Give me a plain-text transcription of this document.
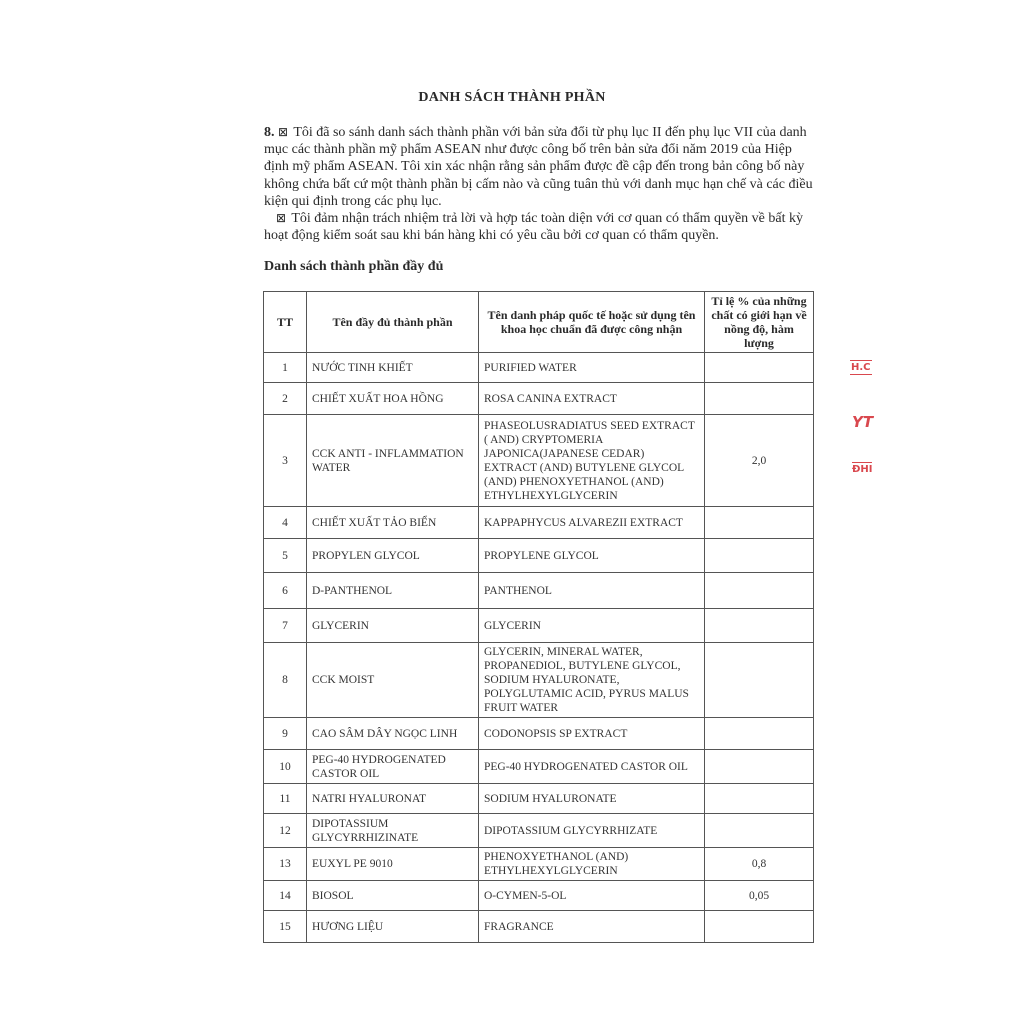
DANH SÁCH THÀNH PHẦN

8. ⊠ Tôi đã so sánh danh sách thành phần với bản sửa đổi từ phụ lục II đến phụ lục VII của danh mục các thành phần mỹ phẩm ASEAN như được công bố trên bản sửa đổi năm 2019 của Hiệp định mỹ phẩm ASEAN. Tôi xin xác nhận rằng sản phẩm được đề cập đến trong bản công bố này không chứa bất cứ một thành phần bị cấm nào và cũng tuân thủ với danh mục hạn chế và các điều kiện qui định trong các phụ lục.

⊠ Tôi đảm nhận trách nhiệm trả lời và hợp tác toàn diện với cơ quan có thẩm quyền về bất kỳ hoạt động kiểm soát sau khi bán hàng khi có yêu cầu bởi cơ quan có thẩm quyền.

Danh sách thành phần đầy đủ
TT	Tên đầy đủ thành phần	Tên danh pháp quốc tế hoặc sử dụng tên khoa học chuẩn đã được công nhận	Tỉ lệ % của những chất có giới hạn về nồng độ, hàm lượng
1	NƯỚC TINH KHIẾT	PURIFIED WATER	
2	CHIẾT XUẤT HOA HỒNG	ROSA CANINA EXTRACT	
3	CCK ANTI - INFLAMMATION WATER	PHASEOLUSRADIATUS SEED EXTRACT ( AND) CRYPTOMERIA JAPONICA(JAPANESE CEDAR) EXTRACT (AND) BUTYLENE GLYCOL (AND) PHENOXYETHANOL (AND) ETHYLHEXYLGLYCERIN	2,0
4	CHIẾT XUẤT TẢO BIỂN	KAPPAPHYCUS ALVAREZII EXTRACT	
5	PROPYLEN GLYCOL	PROPYLENE GLYCOL	
6	D-PANTHENOL	PANTHENOL	
7	GLYCERIN	GLYCERIN	
8	CCK MOIST	GLYCERIN, MINERAL WATER, PROPANEDIOL, BUTYLENE GLYCOL, SODIUM HYALURONATE, POLYGLUTAMIC ACID, PYRUS MALUS FRUIT WATER	
9	CAO SÂM DÂY NGỌC LINH	CODONOPSIS SP EXTRACT	
10	PEG-40 HYDROGENATED CASTOR OIL	PEG-40 HYDROGENATED CASTOR OIL	
11	NATRI HYALURONAT	SODIUM HYALURONATE	
12	DIPOTASSIUM GLYCYRRHIZINATE	DIPOTASSIUM GLYCYRRHIZATE	
13	EUXYL PE 9010	PHENOXYETHANOL (AND) ETHYLHEXYLGLYCERIN	0,8
14	BIOSOL	O-CYMEN-5-OL	0,05
15	HƯƠNG LIỆU	FRAGRANCE	
H.C
YT
ĐHI
